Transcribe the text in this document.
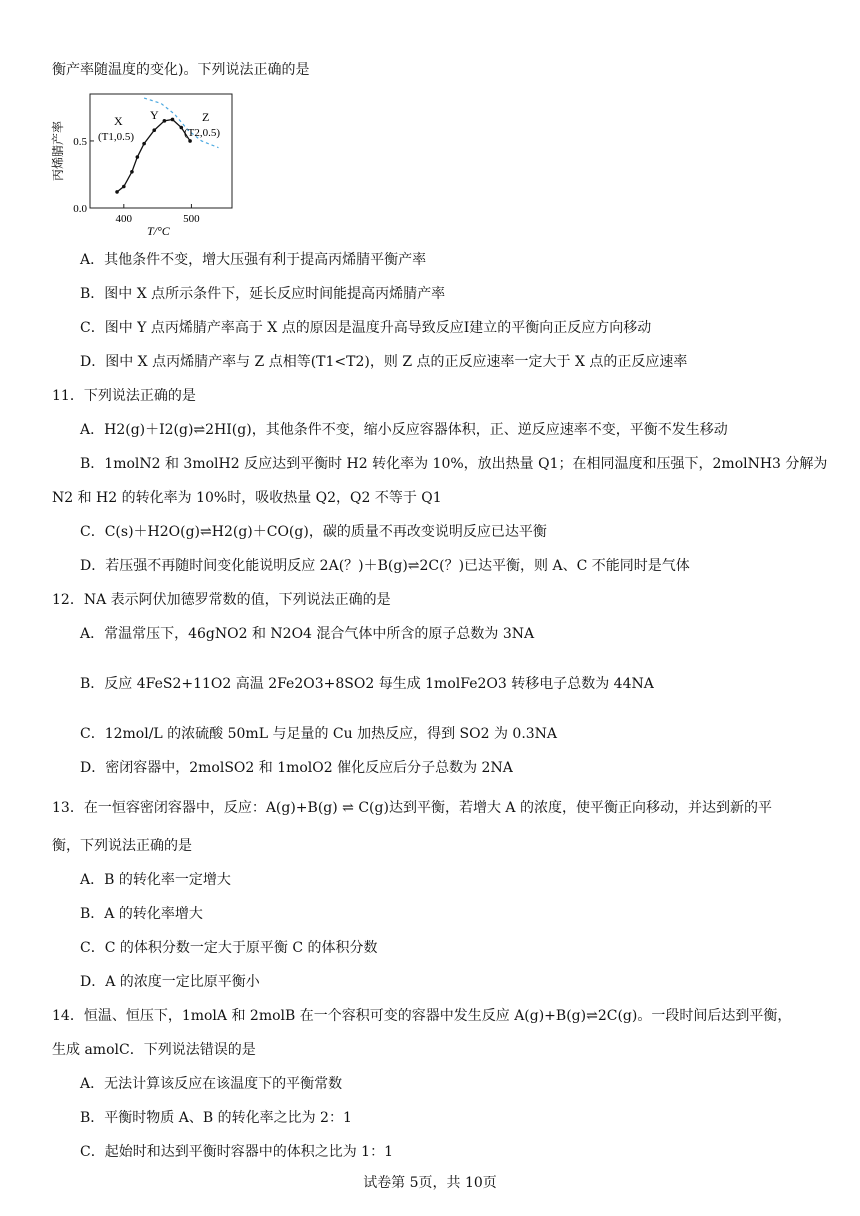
衡产率随温度的变化)。下列说法正确的是
400	500
0.0
0.5
T/°C
丙烯腈产率	X
(T1,0.5)
Y	Z
(T2,0.5)
A．其他条件不变，增大压强有利于提高丙烯腈平衡产率
B．图中 X 点所示条件下，延长反应时间能提高丙烯腈产率
C．图中 Y 点丙烯腈产率高于 X 点的原因是温度升高导致反应Ⅰ建立的平衡向正反应方向移动
D．图中 X 点丙烯腈产率与 Z 点相等(T1<T2)，则 Z 点的正反应速率一定大于 X 点的正反应速率
11．下列说法正确的是
A．H2(g)＋I2(g)⇌2HI(g)，其他条件不变，缩小反应容器体积，正、逆反应速率不变，平衡不发生移动
B．1molN2 和 3molH2 反应达到平衡时 H2 转化率为 10%，放出热量 Q1；在相同温度和压强下，2molNH3 分解为
N2 和 H2 的转化率为 10%时，吸收热量 Q2，Q2 不等于 Q1
C．C(s)＋H2O(g)⇌H2(g)＋CO(g)，碳的质量不再改变说明反应已达平衡
D．若压强不再随时间变化能说明反应 2A(？)＋B(g)⇌2C(？)已达平衡，则 A、C 不能同时是气体
12．NA 表示阿伏加德罗常数的值，下列说法正确的是
A．常温常压下，46gNO2 和 N2O4 混合气体中所含的原子总数为 3NA
B．反应 4FeS2+11O2 高温 2Fe2O3+8SO2 每生成 1molFe2O3 转移电子总数为 44NA
C．12mol/L 的浓硫酸 50mL 与足量的 Cu 加热反应，得到 SO2 为 0.3NA
D．密闭容器中，2molSO2 和 1molO2 催化反应后分子总数为 2NA
13．在一恒容密闭容器中，反应：A(g)+B(g) ⇌ C(g)达到平衡，若增大 A 的浓度，使平衡正向移动，并达到新的平
衡，下列说法正确的是
A．B 的转化率一定增大
B．A 的转化率增大
C．C 的体积分数一定大于原平衡 C 的体积分数
D．A 的浓度一定比原平衡小
14．恒温、恒压下，1molA 和 2molB 在一个容积可变的容器中发生反应 A(g)+B(g)⇌2C(g)。一段时间后达到平衡，
生成 amolC．下列说法错误的是
A．无法计算该反应在该温度下的平衡常数
B．平衡时物质 A、B 的转化率之比为 2：1
C．起始时和达到平衡时容器中的体积之比为 1：1
试卷第 5页，共 10页
